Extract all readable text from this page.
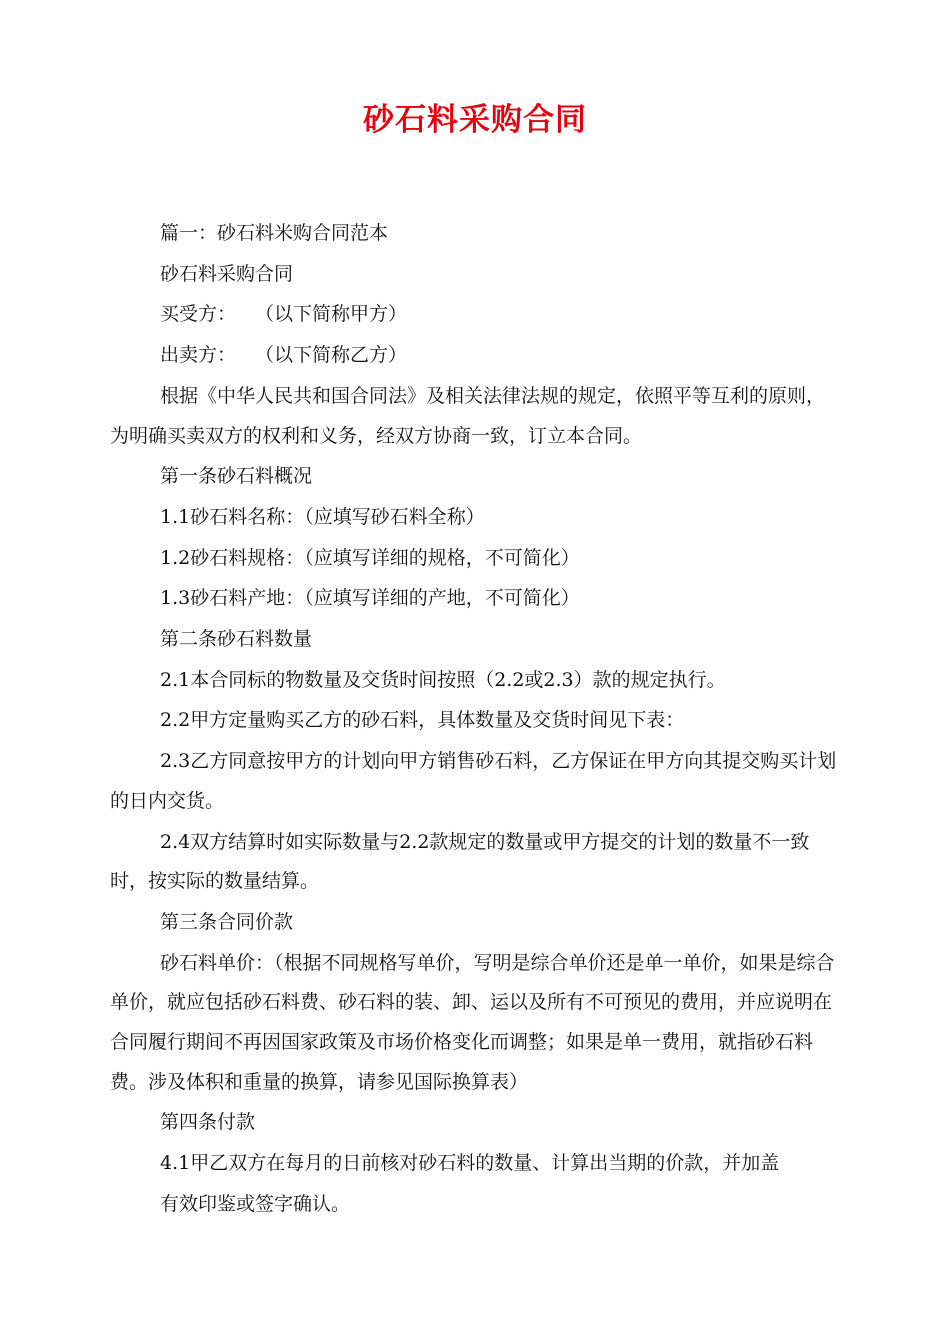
砂石料采购合同

篇一：砂石料米购合同范本

砂石料采购合同

买受方：　　（以下简称甲方）

出卖方：　　（以下简称乙方）

根据《中华人民共和国合同法》及相关法律法规的规定，依照平等互利的原则，为明确买卖双方的权利和义务，经双方协商一致，订立本合同。

第一条砂石料概况

1.1砂石料名称：（应填写砂石料全称）

1.2砂石料规格：（应填写详细的规格，不可简化）

1.3砂石料产地：（应填写详细的产地，不可简化）

第二条砂石料数量

2.1本合同标的物数量及交货时间按照（2.2或2.3）款的规定执行。

2.2甲方定量购买乙方的砂石料，具体数量及交货时间见下表：

2.3乙方同意按甲方的计划向甲方销售砂石料，乙方保证在甲方向其提交购买计划的日内交货。

2.4双方结算时如实际数量与2.2款规定的数量或甲方提交的计划的数量不一致时，按实际的数量结算。

第三条合同价款

砂石料单价：（根据不同规格写单价，写明是综合单价还是单一单价，如果是综合单价，就应包括砂石料费、砂石料的装、卸、运以及所有不可预见的费用，并应说明在合同履行期间不再因国家政策及市场价格变化而调整；如果是单一费用，就指砂石料费。涉及体积和重量的换算，请参见国际换算表）

第四条付款

4.1甲乙双方在每月的日前核对砂石料的数量、计算出当期的价款，并加盖

有效印鉴或签字确认。
